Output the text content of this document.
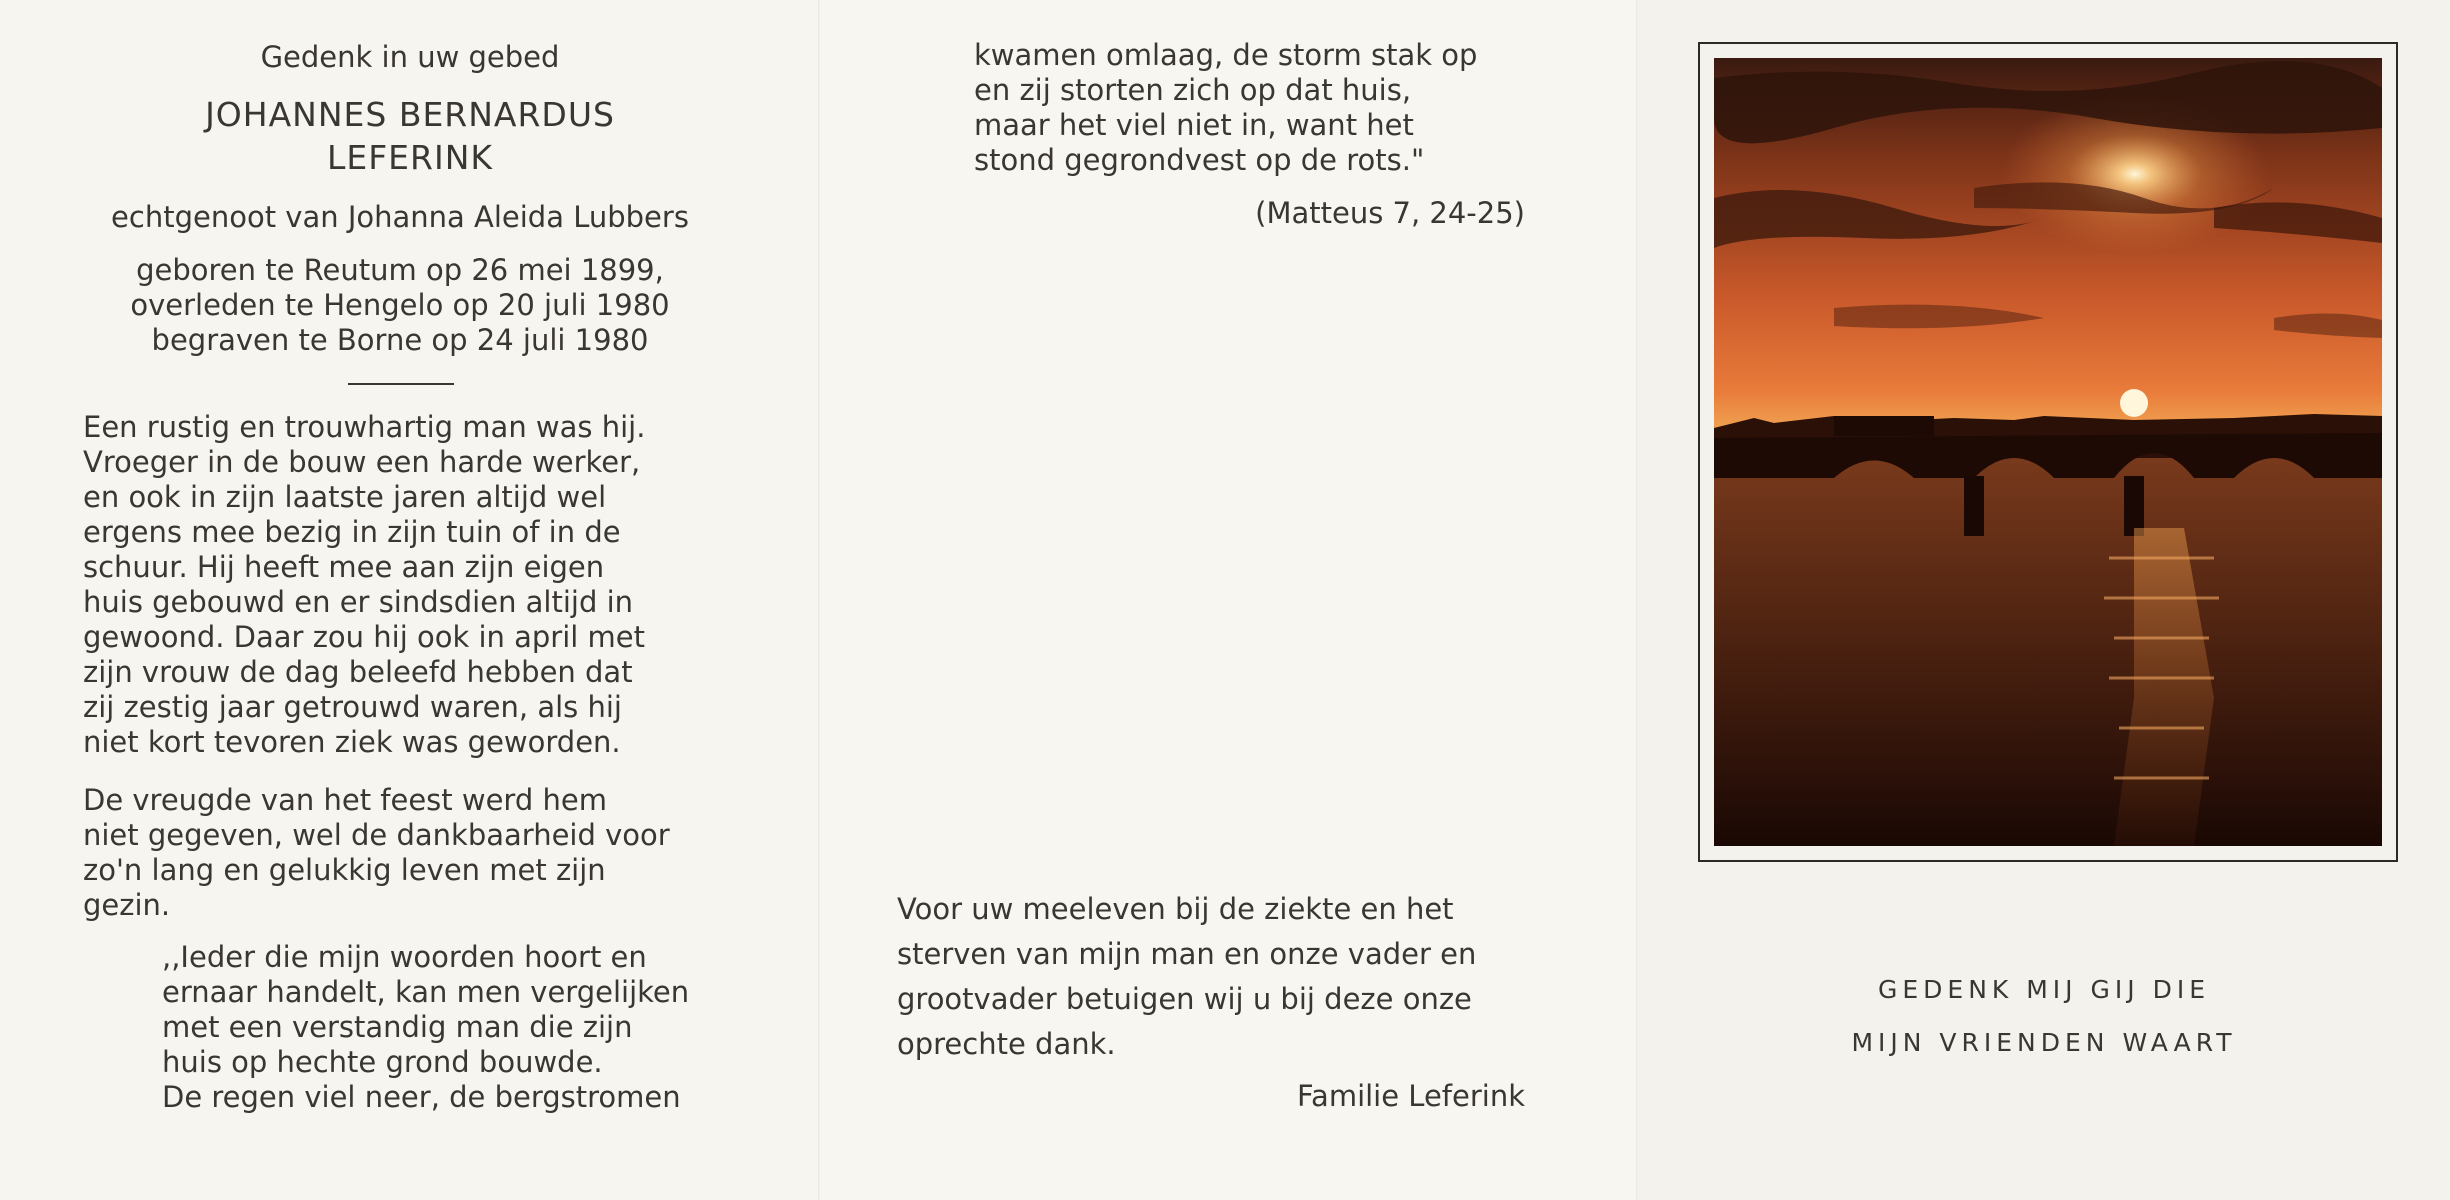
Gedenk in uw gebed
JOHANNES BERNARDUS
LEFERINK
echtgenoot van Johanna Aleida Lubbers
geboren te Reutum op 26 mei 1899,
overleden te Hengelo op 20 juli 1980
begraven te Borne op 24 juli 1980
Een rustig en trouwhartig man was hij.
Vroeger in de bouw een harde werker,
en ook in zijn laatste jaren altijd wel
ergens mee bezig in zijn tuin of in de
schuur. Hij heeft mee aan zijn eigen
huis gebouwd en er sindsdien altijd in
gewoond. Daar zou hij ook in april met
zijn vrouw de dag beleefd hebben dat
zij zestig jaar getrouwd waren, als hij
niet kort tevoren ziek was geworden.
De vreugde van het feest werd hem
niet gegeven, wel de dankbaarheid voor
zo'n lang en gelukkig leven met zijn
gezin.
,,Ieder die mijn woorden hoort en
ernaar handelt, kan men vergelijken
met een verstandig man die zijn
huis op hechte grond bouwde.
De regen viel neer, de bergstromen
kwamen omlaag, de storm stak op
en zij storten zich op dat huis,
maar het viel niet in, want het
stond gegrondvest op de rots."
(Matteus 7, 24-25)
Voor uw meeleven bij de ziekte en het
sterven van mijn man en onze vader en
grootvader betuigen wij u bij deze onze
oprechte dank.
Familie Leferink
GEDENK MIJ GIJ DIE
MIJN VRIENDEN WAART
